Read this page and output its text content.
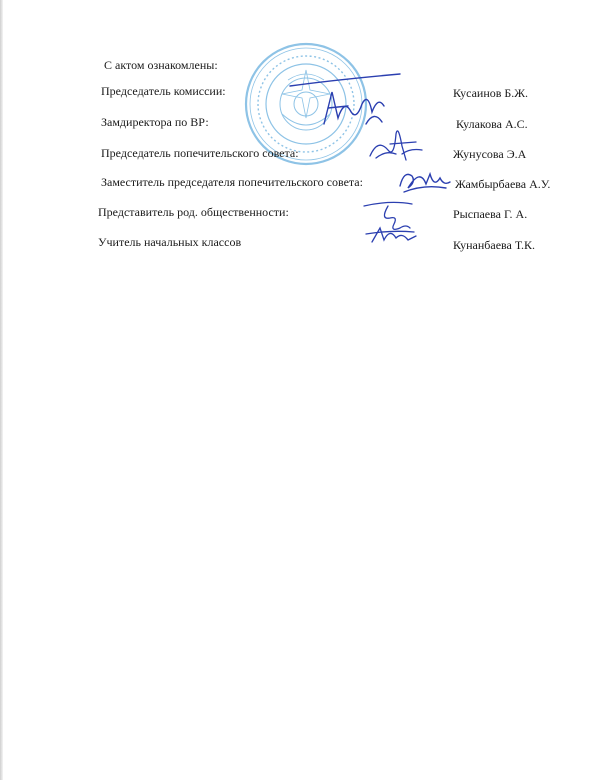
С актом ознакомлены:
Председатель комиссии:	Кусаинов Б.Ж.
Замдиректора по ВР:	Кулакова А.С.
Председатель попечительского совета:	Жунусова Э.А
Заместитель председателя попечительского совета:	Жамбырбаева А.У.
Представитель род. общественности:	Рыспаева Г. А.
Учитель начальных классов	Кунанбаева Т.К.
